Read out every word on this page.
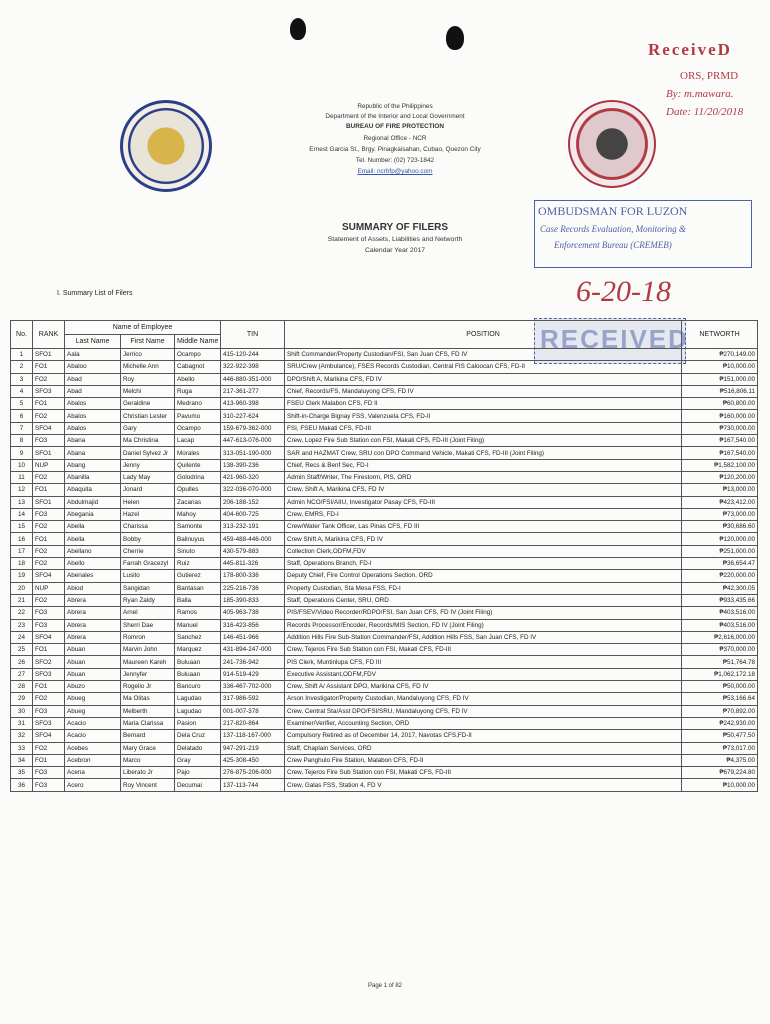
Republic of the Philippines
Department of the Interior and Local Government
BUREAU OF FIRE PROTECTION
Regional Office - NCR
Ernest Garcia St., Brgy. Pinagkaisahan, Cubao, Quezon City
Tel. Number: (02) 723-1842
Email: ncrbfp@yahoo.com
SUMMARY OF FILERS
Statement of Assets, Liabilities and Networth
Calendar Year 2017
I. Summary List of Filers
ReceiveD
ORS, PRMD
By: m.mawara.
Date: 11/20/2018
OMBUDSMAN FOR LUZON
Case Records Evaluation, Monitoring &
Enforcement Bureau (CREMEB)
6-20-18
RECEIVED
No.	RANK	Name of Employee			TIN	POSITION	NETWORTH
		Last Name	First Name	Middle Name			
1	SFO1	Aala	Jerrico	Ocampo	415-120-244	Shift Commander/Property Custodian/FSI, San Juan CFS, FD IV	₱270,149.00
2	FO1	Abaloo	Michelle Ann	Cabagnot	322-922-398	SRU/Crew (Ambulance), FSES Records Custodian, Central FIS Caloocan CFS, FD-II	₱10,000.00
3	FO2	Abad	Roy	Abello	446-880-351-000	DPO/Shift A, Marikina CFS, FD IV	₱151,000.00
4	SFO3	Abad	Melchi	Ruga	217-361-277	Chief, Records/FS, Mandaluyong CFS, FD IV	₱516,806.11
5	FO1	Abalos	Geraldine	Medrano	413-960-398	FSEU Clerk Malabon CFS, FD II	₱60,800.00
6	FO2	Abalos	Christian Lester	Pavumo	310-227-624	Shift-in-Charge Bignay FSS, Valenzuela CFS, FD-II	₱160,000.00
7	SFO4	Abalos	Gary	Ocampo	159-679-362-000	FSI, FSEU Makati CFS, FD-III	₱730,000.00
8	FO3	Abana	Ma Christina	Lacap	447-613-076-000	Crew, Lopez Fire Sub Station con FSI, Makati CFS, FD-III (Joint Filing)	₱167,540.00
9	SFO1	Abana	Daniel Sylvez Jr	Morales	313-051-190-000	SAR and HAZMAT Crew, SRU con DPO Command Vehicle, Makati CFS, FD-III (Joint Filing)	₱167,540.00
10	NUP	Abang	Jenny	Quilente	138-390-236	Chief, Recs & Benf Sec, FD-I	₱1,582,100.00
11	FO2	Abanilla	Lady May	Golodrina	421-960-320	Admin Staff/Writer, The Firestorm, PIS, ORD	₱120,200.00
12	FO1	Abaquita	Jonard	Opulles	322-036-070-000	Crew, Shift A, Marikina CFS, FD IV	₱13,000.00
13	SFO1	Abdulmajid	Helen	Zacarias	206-188-152	Admin NCO/FSI/AIIU, Investigator Pasay CFS, FD-III	₱423,412.00
14	FO3	Abegania	Hazel	Mahoy	404-600-725	Crew, EMRS, FD-I	₱73,000.00
15	FO2	Abella	Charissa	Samonte	313-232-191	Crew/Water Tank Officer, Las Pinas CFS, FD III	₱30,686.60
16	FO1	Abella	Bobby	Balinuyus	459-488-446-000	Crew Shift A, Marikina CFS, FD IV	₱120,000.00
17	FO2	Abellano	Cherrie	Sinuto	430-579-883	Collection Clerk,ODFM,FDV	₱251,000.00
18	FO2	Abello	Farrah Gracezyl	Ruiz	445-811-326	Staff, Operations Branch, FD-I	₱36,654.47
19	SFO4	Abenales	Lusito	Gutierez	178-800-336	Deputy Chief, Fire Control Operations Section, ORD	₱220,000.00
20	NUP	Abiod	Sangidan	Bantasan	225-216-736	Property Custodian, Sta Mesa FSS, FD-I	₱42,300.05
21	FO2	Abrera	Ryan Zaldy	Balla	185-390-833	Staff, Operations Center, SRU, ORD	₱933,435.66
22	FO3	Abrera	Arnel	Ramos	405-963-738	PIS/FSEV/Video Recorder/RDPO/FSI, San Juan CFS, FD IV (Joint Filing)	₱403,516.00
23	FO3	Abrera	Sherri Dae	Manuel	316-423-856	Records Processor/Encoder, Records/MIS Section, FD IV (Joint Filing)	₱403,516.00
24	SFO4	Abrera	Romron	Sanchez	146-451-966	Addition Hills Fire Sub-Station Commander/FSI, Addition Hills FSS, San Juan CFS, FD IV	₱2,616,000.00
25	FO1	Abuan	Marvin John	Marquez	431-894-247-000	Crew, Tejeros Fire Sub Station con FSI, Makati CFS, FD-III	₱370,000.00
26	SFO2	Abuan	Maureen Kareh	Buluaan	241-736-942	PIS Clerk, Muntinlupa CFS, FD III	₱51,764.78
27	SFO3	Abuan	Jennyfer	Buluaan	914-519-429	Executive Assistant,ODFM,FDV	₱1,062,172.18
28	FO1	Abuzo	Rogelio Jr	Bancuro	336-467-702-000	Crew, Shift A/ Assistant DPO, Marikina CFS, FD IV	₱50,000.00
29	FO2	Abueg	Ma Olitas	Lagudao	317-986-592	Arson Investigator/Property Custodian, Mandaluyong CFS, FD IV	₱53,166.64
30	FO3	Abueg	Melberth	Lagudao	001-007-378	Crew, Central Sta/Asst DPO/FSI/SRU, Mandaluyong CFS, FD IV	₱70,892.00
31	SFO3	Acacio	Maria Clarissa	Pasion	217-820-864	Examiner/Verifier, Accounting Section, ORD	₱242,930.00
32	SFO4	Acacio	Bernard	Dela Cruz	137-118-167-000	Compulsory Retired as of December 14, 2017, Navotas CFS,FD-II	₱50,477.50
33	FO2	Acebes	Mary Grace	Delatado	947-291-219	Staff, Chaplain Services, ORD	₱73,017.00
34	FO1	Acebron	Marco	Gray	425-308-450	Crew Panghulo Fire Station, Malabon CFS, FD-II	₱4,375.00
35	FO3	Acena	Liberato Jr	Pajo	276-875-206-000	Crew, Tejeros Fire Sub Station con FSI, Makati CFS, FD-III	₱679,224.80
36	FO3	Acero	Roy Vincent	Decumai	137-113-744	Crew, Galas FSS, Station 4, FD V	₱10,000.00
Page 1 of 82
